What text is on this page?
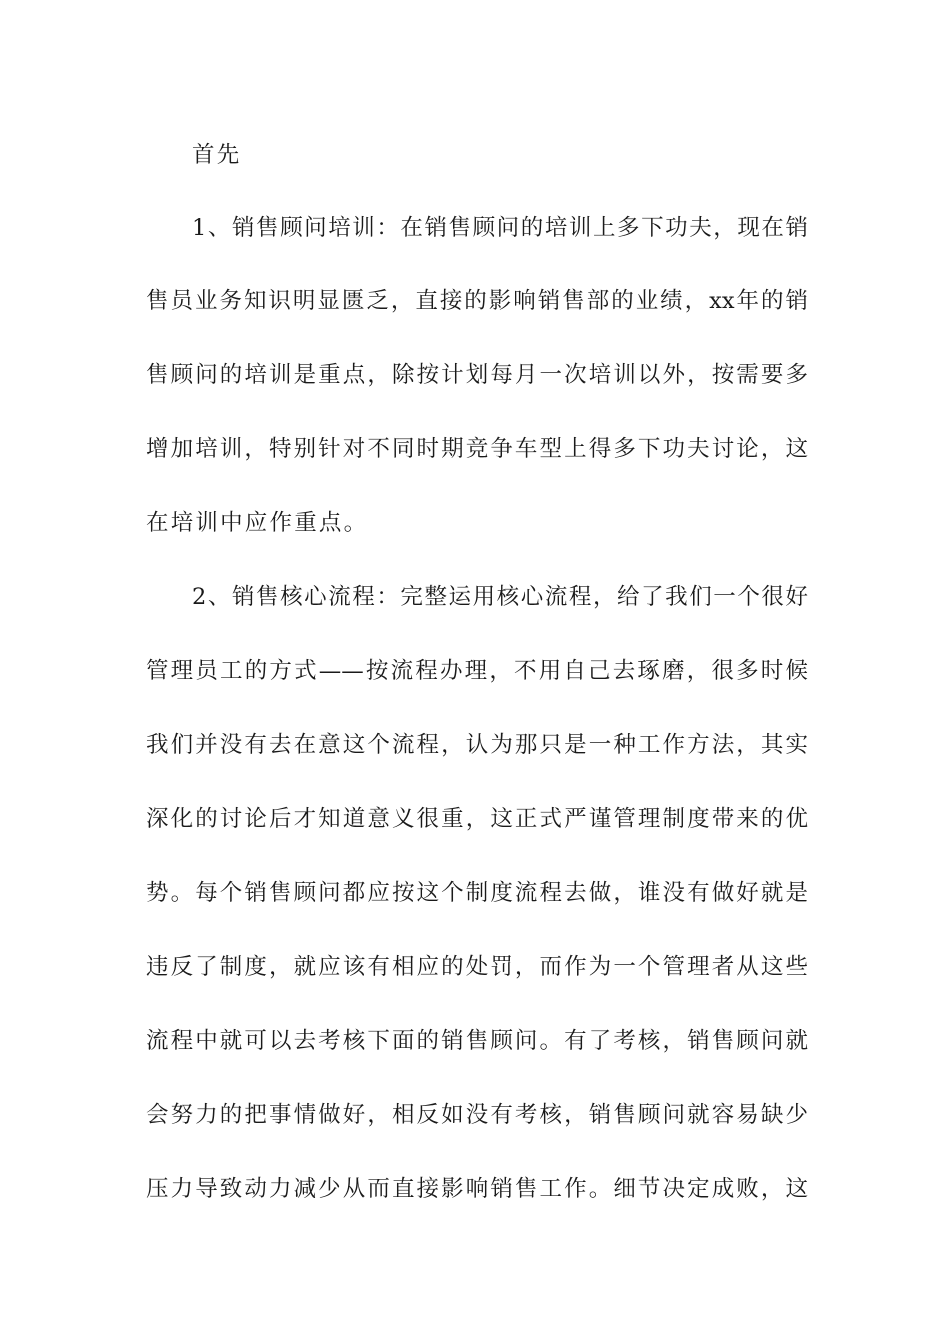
首先
1、销售顾问培训：在销售顾问的培训上多下功夫，现在销
售员业务知识明显匮乏，直接的影响销售部的业绩，xx年的销
售顾问的培训是重点，除按计划每月一次培训以外，按需要多
增加培训，特别针对不同时期竞争车型上得多下功夫讨论，这
在培训中应作重点。
2、销售核心流程：完整运用核心流程，给了我们一个很好
管理员工的方式——按流程办理，不用自己去琢磨，很多时候
我们并没有去在意这个流程，认为那只是一种工作方法，其实
深化的讨论后才知道意义很重，这正式严谨管理制度带来的优
势。每个销售顾问都应按这个制度流程去做，谁没有做好就是
违反了制度，就应该有相应的处罚，而作为一个管理者从这些
流程中就可以去考核下面的销售顾问。有了考核，销售顾问就
会努力的把事情做好，相反如没有考核，销售顾问就容易缺少
压力导致动力减少从而直接影响销售工作。细节决定成败，这
